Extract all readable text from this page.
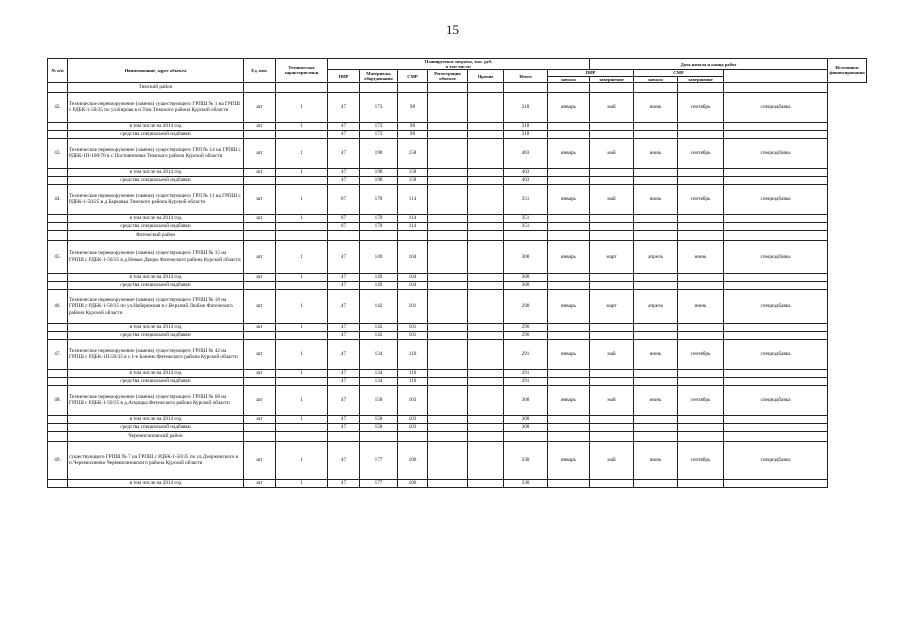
15
№ п/п	Наименование, адрес объекта	Ед. изм.	Технические характеристики	Планируемые затраты, тыс. руб.
в том числе:							Дата начала и конца работ				Источники финансирования
				ПИР	Материалы оборудования	СМР	Регистрация объекта	Прочие	Итого	ПИР		СМР			
										начало	завершение	начало	завершение		
	Тимский район														
42.	Техническое перевооружение (замена) существующего ГРПШ № 1 на ГРПШ с РДБК-1-50/35 по ул.Кирова в п.Тим Тимского района Курской области	шт	1	47	173	98			318	январь	май	июнь	сентябрь	спецнадбавка	
	в том числе на 2014 год	шт	1	47	173	98			318						
	средства специальной надбавки			47	173	98			318						
43.	Техническое перевооружение (замена) существующего ГРП № 14 на ГРПШ с РДБК-1П-100/70 в с.Постоянновка Тимского района Курской области	шт	1	47	198	158			403	январь	май	июнь	сентябрь	спецнадбавка	
	в том числе на 2014 год	шт	1	47	198	158			403						
	средства специальной надбавки			47	198	158			403						
44.	Техническое перевооружение (замена) существующего ГРП № 11 на ГРПШ с РДБК-1-50/25 в д.Барковка Тимского района Курской области	шт	1	67	170	114			351	январь	май	июнь	сентябрь	спецнадбавка	
	в том числе на 2014 год	шт	1	67	170	114			351						
	средства специальной надбавки			67	170	114			351						
	Фатежский район														
45.	Техническое перевооружение (замена) существующего ГРПШ № 15 на ГРПШ с РДБК-1-50/35 в д.Новые Дворы Фатежского района Курской области	шт	1	47	149	104			300	январь	март	апрель	июнь	спецнадбавка	
	в том числе на 2014 год	шт	1	47	149	104			300						
	средства специальной надбавки			47	149	104			300						
46.	Техническое перевооружение (замена) существующего ГРПШ № 18 на ГРПШ с РДБК-1-50/35 по ул.Набережная в с.Верхний Любаж Фатежского района Курской области	шт	1	47	142	101			290	январь	март	апрель	июнь	спецнадбавка	
	в том числе на 2014 год	шт	1	47	142	101			290						
	средства специальной надбавки			47	142	101			290						
47.	Техническое перевооружение (замена) существующего ГРПШ № 42 на ГРПШ с РДБК-1П-50/35 в с.1-е Банино Фатежского района Курской области	шт	1	47	134	110			291	январь	май	июнь	сентябрь	спецнадбавка	
	в том числе на 2014 год	шт	1	47	134	110			291						
	средства специальной надбавки			47	134	110			291						
48.	Техническое перевооружение (замена) существующего ГРПШ № 68 на ГРПШ с РДБК-1-50/35 в д.Аторщка Фатежского района Курской области	шт	1	47	158	103			308	январь	май	июнь	сентябрь	спецнадбавка	
	в том числе на 2014 год	шт	1	47	158	103			308						
	средства специальной надбавки			47	158	103			308						
	Черемисиновский район														
49.	существующего ГРПШ № 7 на ГРПШ с РДБК-1-50/35 по ул.Дзержинского в п.Черемисиново Черемисиновского района Курской области	шт	1	47	177	106			330	январь	май	июнь	сентябрь	спецнадбавка	
	в том числе на 2014 год	шт	1	47	177	106			330						
